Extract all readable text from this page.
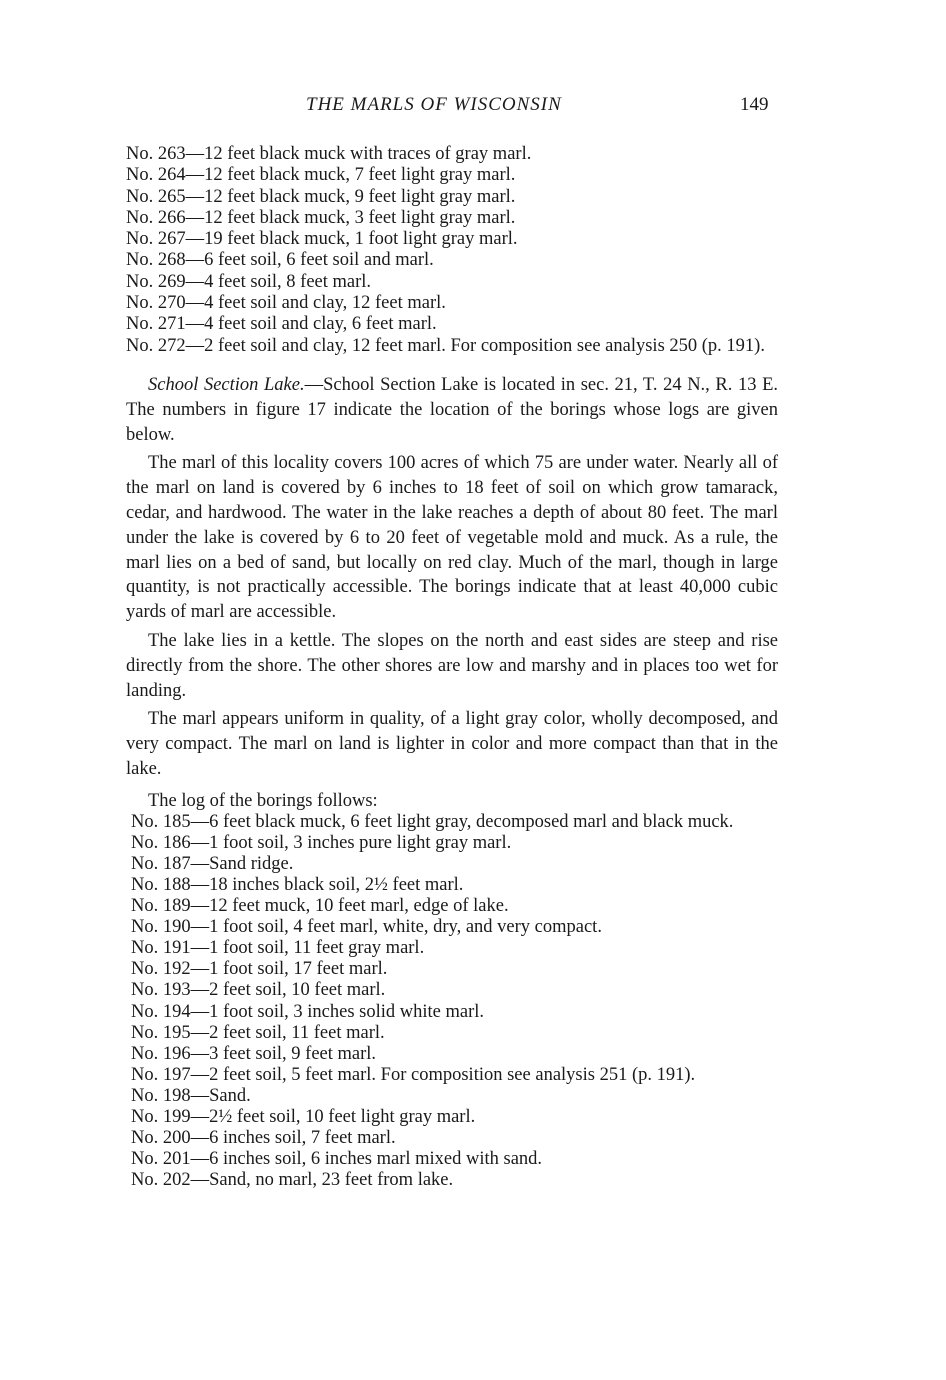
THE MARLS OF WISCONSIN	149

No. 263—12 feet black muck with traces of gray marl.

No. 264—12 feet black muck, 7 feet light gray marl.

No. 265—12 feet black muck, 9 feet light gray marl.

No. 266—12 feet black muck, 3 feet light gray marl.

No. 267—19 feet black muck, 1 foot light gray marl.

No. 268—6 feet soil, 6 feet soil and marl.

No. 269—4 feet soil, 8 feet marl.

No. 270—4 feet soil and clay, 12 feet marl.

No. 271—4 feet soil and clay, 6 feet marl.

No. 272—2 feet soil and clay, 12 feet marl. For composition see analysis 250 (p. 191).

School Section Lake.—School Section Lake is located in sec. 21, T. 24 N., R. 13 E. The numbers in figure 17 indicate the location of the borings whose logs are given below.

The marl of this locality covers 100 acres of which 75 are under water. Nearly all of the marl on land is covered by 6 inches to 18 feet of soil on which grow tamarack, cedar, and hardwood. The water in the lake reaches a depth of about 80 feet. The marl under the lake is covered by 6 to 20 feet of vegetable mold and muck. As a rule, the marl lies on a bed of sand, but locally on red clay. Much of the marl, though in large quantity, is not practically accessible. The borings indicate that at least 40,000 cubic yards of marl are accessible.

The lake lies in a kettle. The slopes on the north and east sides are steep and rise directly from the shore. The other shores are low and marshy and in places too wet for landing.

The marl appears uniform in quality, of a light gray color, wholly decomposed, and very compact. The marl on land is lighter in color and more compact than that in the lake.

The log of the borings follows:

No. 185—6 feet black muck, 6 feet light gray, decomposed marl and black muck.

No. 186—1 foot soil, 3 inches pure light gray marl.

No. 187—Sand ridge.

No. 188—18 inches black soil, 2½ feet marl.

No. 189—12 feet muck, 10 feet marl, edge of lake.

No. 190—1 foot soil, 4 feet marl, white, dry, and very compact.

No. 191—1 foot soil, 11 feet gray marl.

No. 192—1 foot soil, 17 feet marl.

No. 193—2 feet soil, 10 feet marl.

No. 194—1 foot soil, 3 inches solid white marl.

No. 195—2 feet soil, 11 feet marl.

No. 196—3 feet soil, 9 feet marl.

No. 197—2 feet soil, 5 feet marl. For composition see analysis 251 (p. 191).

No. 198—Sand.

No. 199—2½ feet soil, 10 feet light gray marl.

No. 200—6 inches soil, 7 feet marl.

No. 201—6 inches soil, 6 inches marl mixed with sand.

No. 202—Sand, no marl, 23 feet from lake.
